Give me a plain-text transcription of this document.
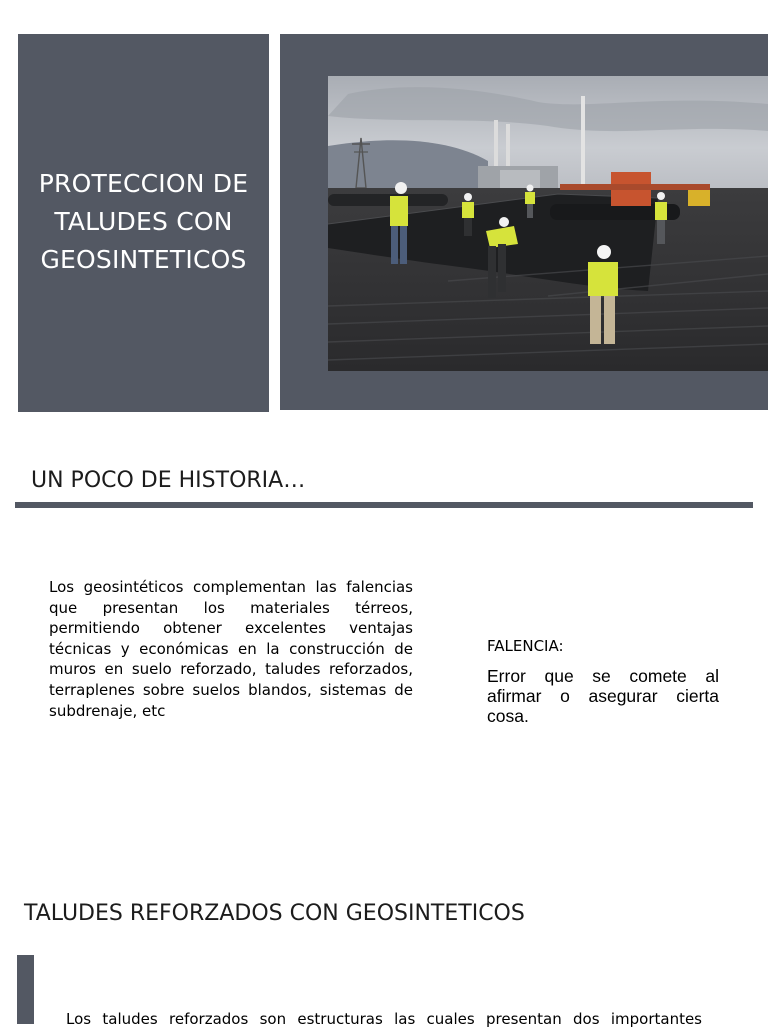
PROTECCION DE
TALUDES CON
GEOSINTETICOS
UN POCO DE HISTORIA…
Los geosintéticos complementan las falencias que presentan los materiales térreos, permitiendo obtener excelentes ventajas técnicas y económicas en la construcción de muros en suelo reforzado, taludes reforzados, terraplenes sobre suelos blandos, sistemas de subdrenaje, etc
FALENCIA:
Error que se comete al afirmar o asegurar cierta cosa.
TALUDES REFORZADOS CON GEOSINTETICOS
Los taludes reforzados son estructuras las cuales presentan dos importantes
